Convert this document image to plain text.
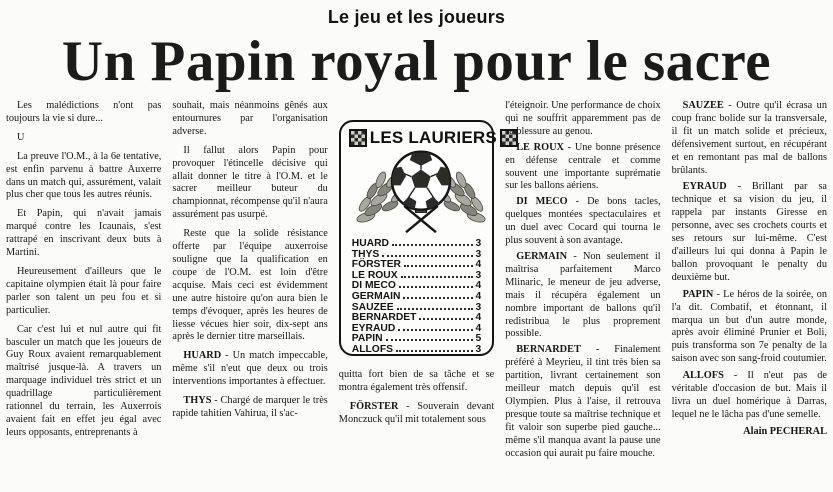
Le jeu et les joueurs
Un Papin royal pour le sacre

Les malédictions n'ont pas toujours la vie si dure...

U

La preuve l'O.M., à la 6e tentative, est enfin parvenu à battre Auxerre dans un match qui, assurément, valait plus cher que tous les autres réunis.

Et Papin, qui n'avait jamais marqué contre les Icaunais, s'est rattrapé en inscrivant deux buts à Martini.

Heureusement d'ailleurs que le capitaine olympien était là pour faire parler son talent un peu fou et si particulier.

Car c'est lui et nul autre qui fit basculer un match que les joueurs de Guy Roux avaient remarquablement maîtrisé jusque-là. A travers un marquage individuel très strict et un quadrillage particulièrement rationnel du terrain, les Auxerrois avaient fait en effet jeu égal avec leurs opposants, entreprenants à

souhait, mais néanmoins gênés aux entournures par l'organisation adverse.

Il fallut alors Papin pour provoquer l'étincelle décisive qui allait donner le titre à l'O.M. et le sacrer meilleur buteur du championnat, récompense qu'il n'aura assurément pas usurpé.

Reste que la solide résistance offerte par l'équipe auxerroise souligne que la qualification en coupe de l'O.M. est loin d'être acquise. Mais ceci est évidemment une autre histoire qu'on aura bien le temps d'évoquer, après les heures de liesse vécues hier soir, dix-sept ans après le dernier titre marseillais.

HUARD - Un match impeccable, même s'il n'eut que deux ou trois interventions importantes à effectuer.

THYS - Chargé de marquer le très rapide tahitien Vahirua, il s'ac-

LES LAURIERS
HUARD	3
THYS	3
FÖRSTER	4
LE ROUX	3
DI MECO	4
GERMAIN	4
SAUZEE	3
BERNARDET	4
EYRAUD	4
PAPIN	5
ALLOFS	3

quitta fort bien de sa tâche et se montra également très offensif.

FÖRSTER - Souverain devant Monczuck qu'il mit totalement sous

l'éteignoir. Une performance de choix qui ne souffrit apparemment pas de sa blessure au genou.

LE ROUX - Une bonne présence en défense centrale et comme souvent une importante suprématie sur les ballons aériens.

DI MECO - De bons tacles, quelques montées spectaculaires et un duel avec Cocard qui tourna le plus souvent à son avantage.

GERMAIN - Non seulement il maîtrisa parfaitement Marco Mlinaric, le meneur de jeu adverse, mais il récupéra également un nombre important de ballons qu'il redistribua le plus proprement possible.

BERNARDET - Finalement préféré à Meyrieu, il tint très bien sa partition, livrant certainement son meilleur match depuis qu'il est Olympien. Plus à l'aise, il retrouva presque toute sa maîtrise technique et fit valoir son superbe pied gauche... même s'il manqua avant la pause une occasion qui aurait pu faire mouche.

SAUZEE - Outre qu'il écrasa un coup franc bolide sur la transversale, il fit un match solide et précieux, défensivement surtout, en récupérant et en remontant pas mal de ballons brûlants.

EYRAUD - Brillant par sa technique et sa vision du jeu, il rappela par instants Giresse en personne, avec ses crochets courts et ses retours sur lui-même. C'est d'ailleurs lui qui donna à Papin le ballon provoquant le penalty du deuxième but.

PAPIN - Le héros de la soirée, on l'a dit. Combatif, et étonnant, il marqua un but d'un autre monde, après avoir éliminé Prunier et Boli, puis transforma son 7e penalty de la saison avec son sang-froid coutumier.

ALLOFS - Il n'eut pas de véritable d'occasion de but. Mais il livra un duel homérique à Darras, lequel ne le lâcha pas d'une semelle.

Alain PECHERAL
